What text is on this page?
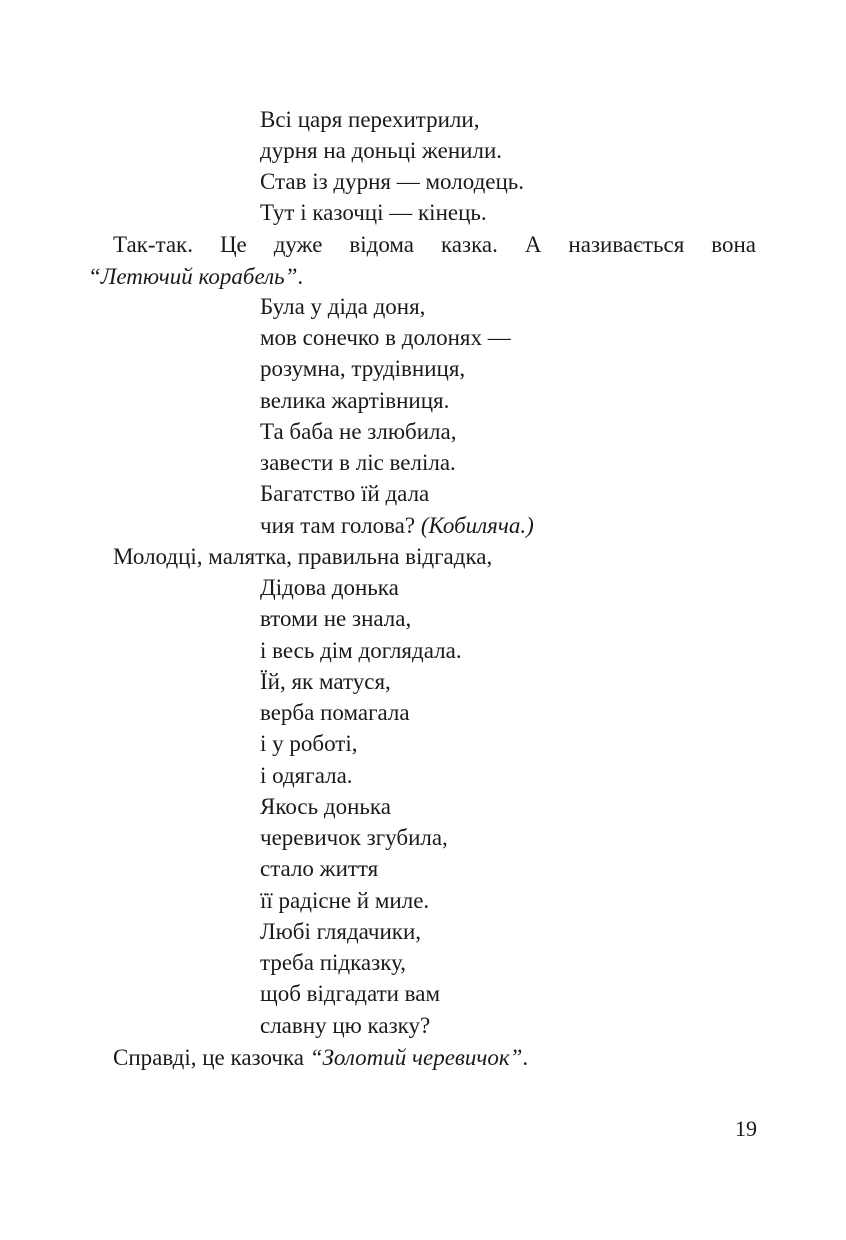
Всі царя перехитрили,

дурня на доньці женили.

Став із дурня — молодець.

Тут і казочці — кінець.

Так-так. Це дуже відома казка. А називається вона

“Летючий корабель”.

Була у діда доня,

мов сонечко в долонях —

розумна, трудівниця,

велика жартівниця.

Та баба не злюбила,

завести в ліс веліла.

Багатство їй дала

чия там голова? (Кобиляча.)

Молодці, малятка, правильна відгадка,

Дідова донька

втоми не знала,

і весь дім доглядала.

Їй, як матуся,

верба помагала

і у роботі,

і одягала.

Якось донька

черевичок згубила,

стало життя

її радісне й миле.

Любі глядачики,

треба підказку,

щоб відгадати вам

славну цю казку?

Справді, це казочка “Золотий черевичок”.

19
